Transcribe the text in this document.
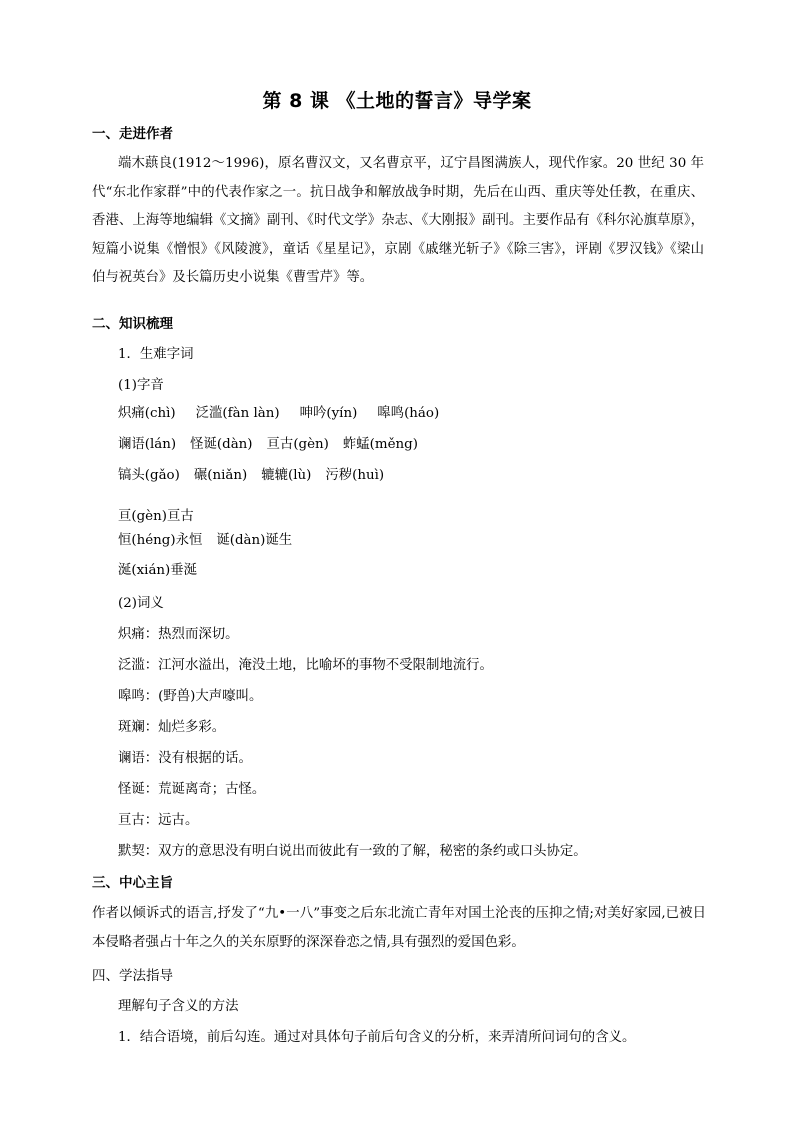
第 8 课 《土地的誓言》导学案
一、走进作者
端木蕻良(1912～1996)，原名曹汉文，又名曹京平，辽宁昌图满族人，现代作家。20 世纪 30 年代“东北作家群”中的代表作家之一。抗日战争和解放战争时期，先后在山西、重庆等处任教，在重庆、香港、上海等地编辑《文摘》副刊、《时代文学》杂志、《大刚报》副刊。主要作品有《科尔沁旗草原》，短篇小说集《憎恨》《风陵渡》，童话《星星记》，京剧《戚继光斩子》《除三害》，评剧《罗汉钱》《梁山伯与祝英台》及长篇历史小说集《曹雪芹》等。
二、知识梳理
1．生难字词
(1)字音
炽痛(chì) 泛滥(fàn làn) 呻吟(yín) 嗥鸣(háo)
谰语(lán) 怪诞(dàn) 亘古(gèn) 蚱蜢(měng)
镐头(gǎo) 碾(niǎn) 辘辘(lù) 污秽(huì)
亘(gèn)亘古
恒(héng)永恒 诞(dàn)诞生
涎(xián)垂涎
(2)词义
炽痛：热烈而深切。
泛滥：江河水溢出，淹没土地，比喻坏的事物不受限制地流行。
嗥鸣：(野兽)大声嚎叫。
斑斓：灿烂多彩。
谰语：没有根据的话。
怪诞：荒诞离奇；古怪。
亘古：远古。
默契：双方的意思没有明白说出而彼此有一致的了解，秘密的条约或口头协定。
三、中心主旨
作者以倾诉式的语言,抒发了“九•一八”事变之后东北流亡青年对国土沦丧的压抑之情;对美好家园,已被日本侵略者强占十年之久的关东原野的深深眷恋之情,具有强烈的爱国色彩。
四、学法指导
理解句子含义的方法
1．结合语境，前后勾连。通过对具体句子前后句含义的分析，来弄清所问词句的含义。
